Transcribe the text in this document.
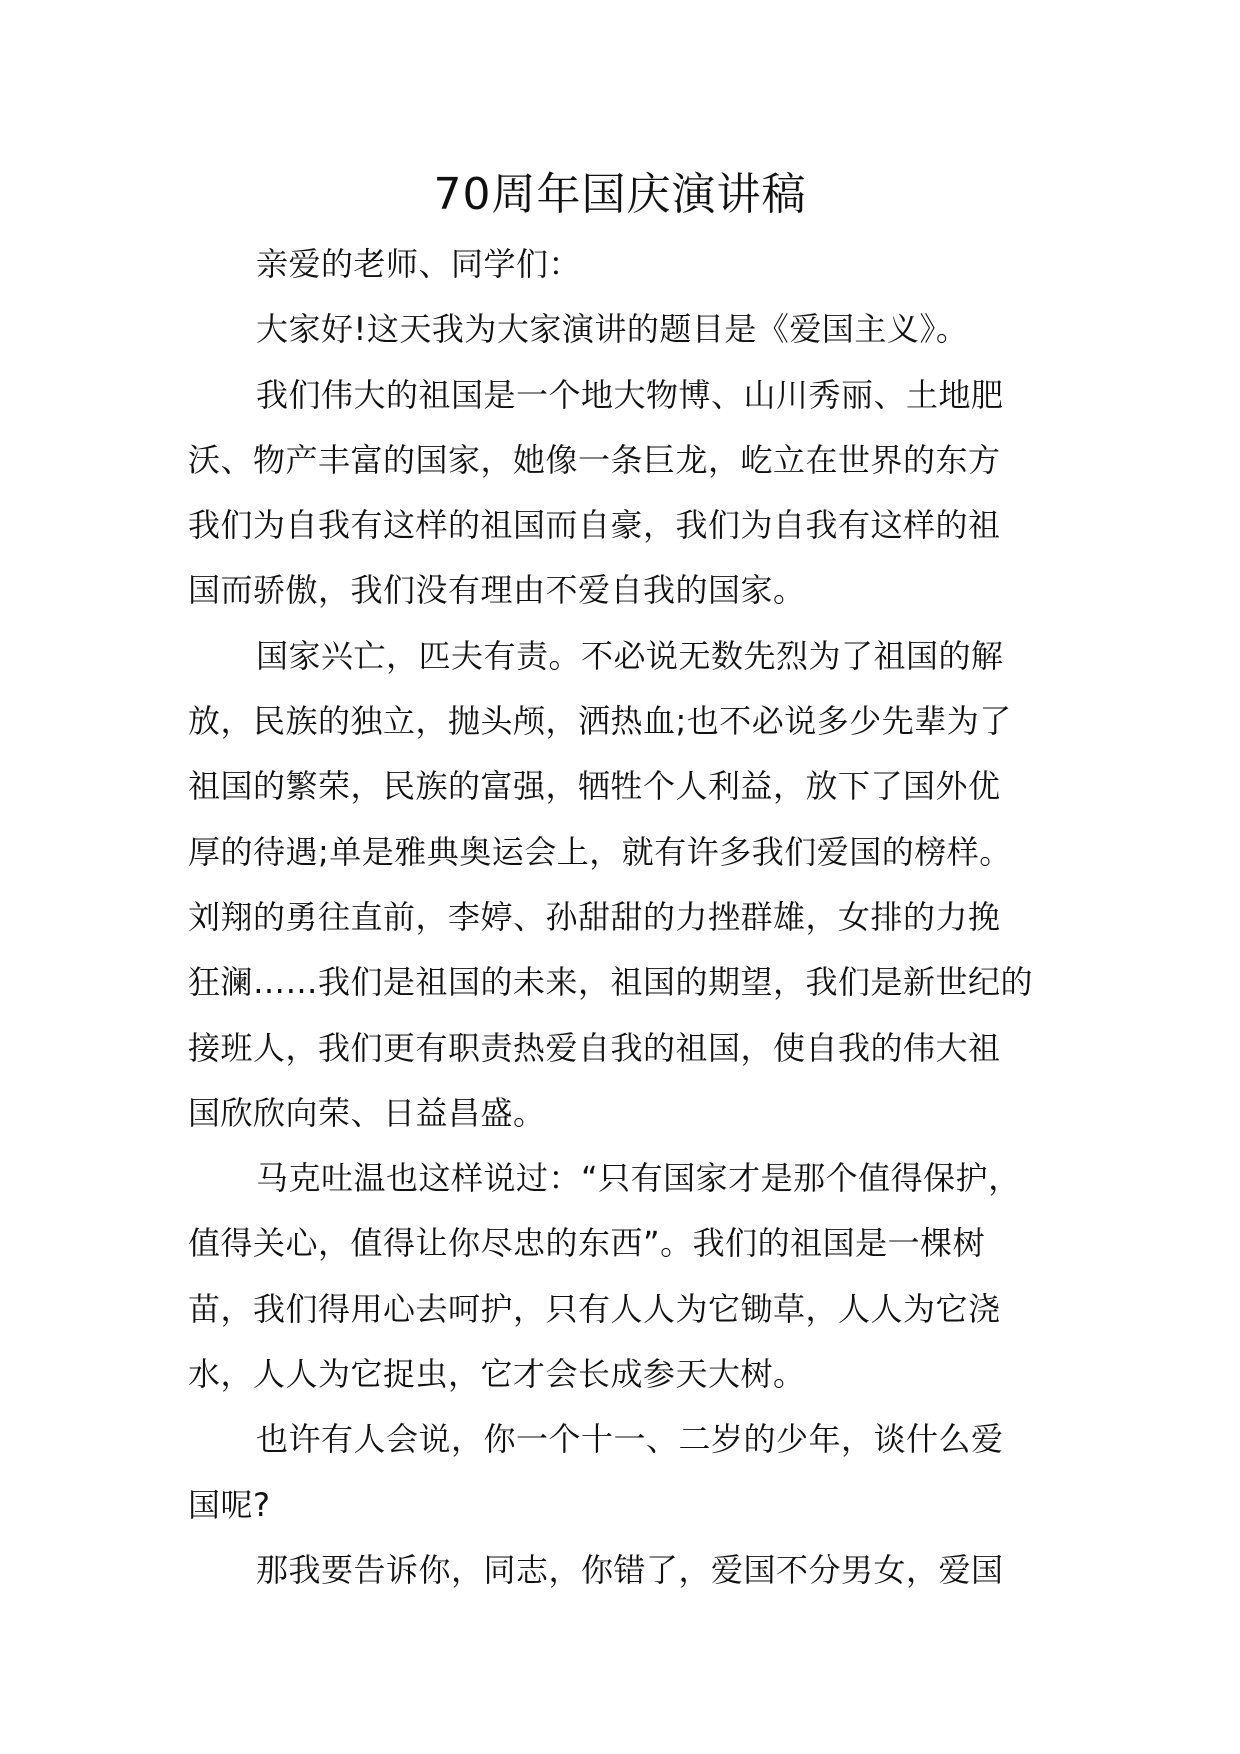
70周年国庆演讲稿
亲爱的老师、同学们：
大家好!这天我为大家演讲的题目是《爱国主义》。
我们伟大的祖国是一个地大物博、山川秀丽、土地肥
沃、物产丰富的国家，她像一条巨龙，屹立在世界的东方
我们为自我有这样的祖国而自豪，我们为自我有这样的祖
国而骄傲，我们没有理由不爱自我的国家。
国家兴亡，匹夫有责。不必说无数先烈为了祖国的解
放，民族的独立，抛头颅，洒热血;也不必说多少先辈为了
祖国的繁荣，民族的富强，牺牲个人利益，放下了国外优
厚的待遇;单是雅典奥运会上，就有许多我们爱国的榜样。
刘翔的勇往直前，李婷、孙甜甜的力挫群雄，女排的力挽
狂澜……我们是祖国的未来，祖国的期望，我们是新世纪的
接班人，我们更有职责热爱自我的祖国，使自我的伟大祖
国欣欣向荣、日益昌盛。
马克吐温也这样说过：“只有国家才是那个值得保护，
值得关心，值得让你尽忠的东西”。我们的祖国是一棵树
苗，我们得用心去呵护，只有人人为它锄草，人人为它浇
水，人人为它捉虫，它才会长成参天大树。
也许有人会说，你一个十一、二岁的少年，谈什么爱
国呢?
那我要告诉你，同志，你错了，爱国不分男女，爱国
